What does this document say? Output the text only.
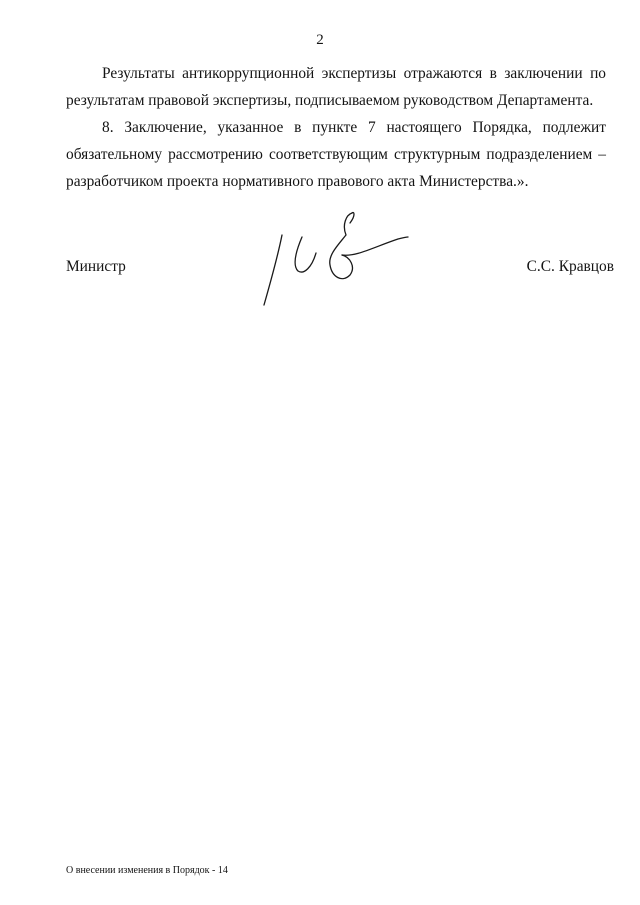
2

Результаты антикоррупционной экспертизы отражаются в заключении по результатам правовой экспертизы, подписываемом руководством Департамента.

8. Заключение, указанное в пункте 7 настоящего Порядка, подлежит обязательному рассмотрению соответствующим структурным подразделением – разработчиком проекта нормативного правового акта Министерства.».

Министр	С.С. Кравцов
О внесении изменения в Порядок - 14
